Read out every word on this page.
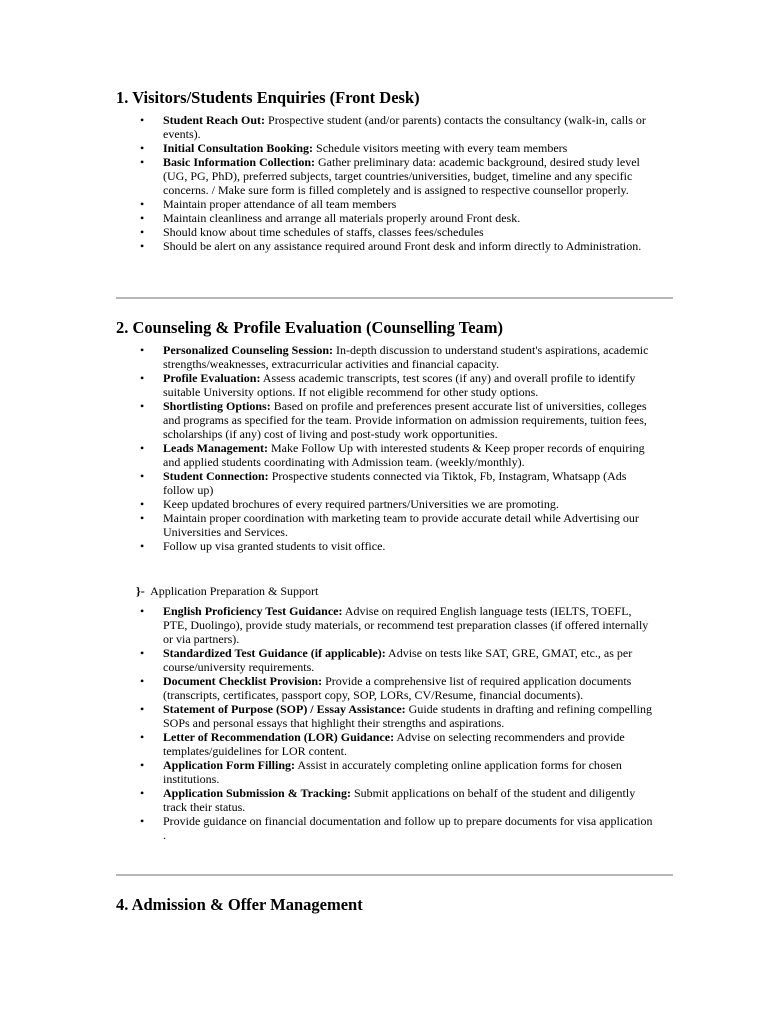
1. Visitors/Students Enquiries (Front Desk)
• Student Reach Out: Prospective student (and/or parents) contacts the consultancy (walk-in, calls or events).
• Initial Consultation Booking: Schedule visitors meeting with every team members
• Basic Information Collection: Gather preliminary data: academic background, desired study level (UG, PG, PhD), preferred subjects, target countries/universities, budget, timeline and any specific concerns. / Make sure form is filled completely and is assigned to respective counsellor properly.
• Maintain proper attendance of all team members
• Maintain cleanliness and arrange all materials properly around Front desk.
• Should know about time schedules of staffs, classes fees/schedules
• Should be alert on any assistance required around Front desk and inform directly to Administration.
2. Counseling & Profile Evaluation (Counselling Team)
• Personalized Counseling Session: In-depth discussion to understand student's aspirations, academic strengths/weaknesses, extracurricular activities and financial capacity.
• Profile Evaluation: Assess academic transcripts, test scores (if any) and overall profile to identify suitable University options. If not eligible recommend for other study options.
• Shortlisting Options: Based on profile and preferences present accurate list of universities, colleges and programs as specified for the team. Provide information on admission requirements, tuition fees, scholarships (if any) cost of living and post-study work opportunities.
• Leads Management: Make Follow Up with interested students & Keep proper records of enquiring and applied students coordinating with Admission team. (weekly/monthly).
• Student Connection: Prospective students connected via Tiktok, Fb, Instagram, Whatsapp (Ads follow up)
• Keep updated brochures of every required partners/Universities we are promoting.
• Maintain proper coordination with marketing team to provide accurate detail while Advertising our Universities and Services.
• Follow up visa granted students to visit office.

}- Application Preparation & Support

• English Proficiency Test Guidance: Advise on required English language tests (IELTS, TOEFL, PTE, Duolingo), provide study materials, or recommend test preparation classes (if offered internally or via partners).
• Standardized Test Guidance (if applicable): Advise on tests like SAT, GRE, GMAT, etc., as per course/university requirements.
• Document Checklist Provision: Provide a comprehensive list of required application documents (transcripts, certificates, passport copy, SOP, LORs, CV/Resume, financial documents).
• Statement of Purpose (SOP) / Essay Assistance: Guide students in drafting and refining compelling SOPs and personal essays that highlight their strengths and aspirations.
• Letter of Recommendation (LOR) Guidance: Advise on selecting recommenders and provide templates/guidelines for LOR content.
• Application Form Filling: Assist in accurately completing online application forms for chosen institutions.
• Application Submission & Tracking: Submit applications on behalf of the student and diligently track their status.
• Provide guidance on financial documentation and follow up to prepare documents for visa application .
4. Admission & Offer Management
